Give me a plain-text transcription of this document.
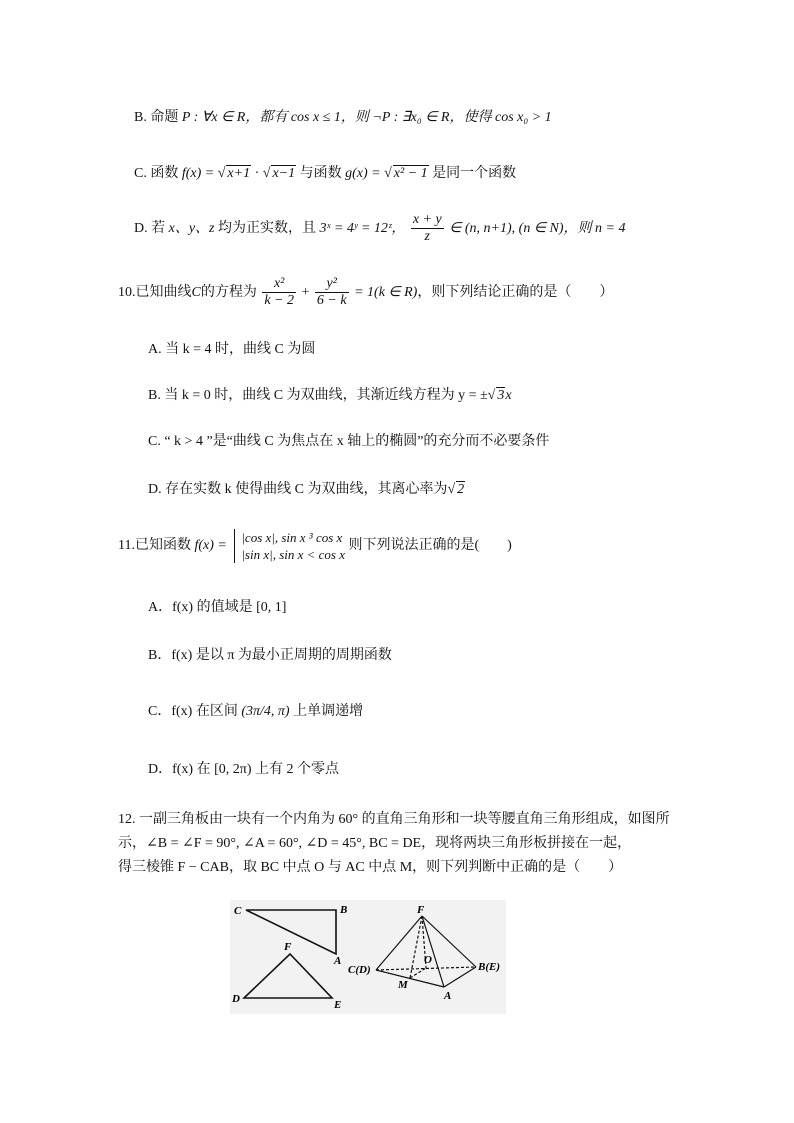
B. 命题 P : ∀x ∈ R，都有 cos x ≤ 1，则 ¬P : ∃x₀ ∈ R，使得 cos x₀ > 1
C. 函数 f(x) = √ x+1 · √ x−1 与函数 g(x) = √ x² − 1 是同一个函数
D. 若 x、y、z 均为正实数，且 3ˣ = 4ʸ = 12ᶻ， $\frac{x + y}{z}$ ∈ (n, n+1), (n ∈ N)，则 n = 4
10.已知曲线C的方程为 $\frac{\text{x²}}{k - 2} + \frac{\text{y²}}{6 - k} = 1(k$ ∈ R)，则下列结论正确的是（　　）
A. 当 k = 4 时，曲线 C 为圆
B. 当 k = 0 时，曲线 C 为双曲线，其渐近线方程为 y = ±√ 3x
C. “ k > 4 ”是“曲线 C 为焦点在 x 轴上的椭圆”的充分而不必要条件
D. 存在实数 k 使得曲线 C 为双曲线，其离心率为√ 2
11.已知函数 f(x) =
|cos x|, sin x ³ cos x
|sin x|, sin x < cos x
则下列说法正确的是(　　)
A．f(x) 的值域是 [0, 1]
B．f(x) 是以 π 为最小正周期的周期函数
C．f(x) 在区间 (3π/4, π) 上单调递增
D．f(x) 在 [0, 2π) 上有 2 个零点
12. 一副三角板由一块有一个内角为 60° 的直角三角形和一块等腰直角三角形组成，如图所
示，∠B = ∠F = 90°, ∠A = 60°, ∠D = 45°, BC = DE，现将两块三角形板拼接在一起，
得三棱锥 F − CAB，取 BC 中点 O 与 AC 中点 M，则下列判断中正确的是（　　）
C	B
A
F
D	E
F
C(D)
O
B(E)
M
A
